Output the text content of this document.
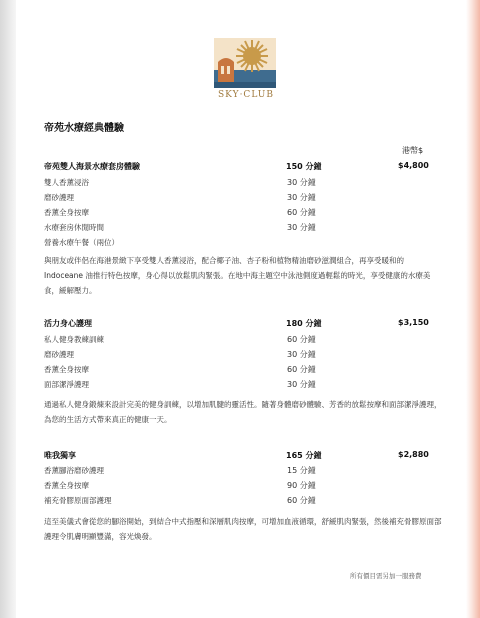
SKY·CLUB
帝苑水療經典體驗
港幣$
帝苑雙人海景水療套房體驗	150 分鐘	$4,800
雙人香薰浸浴	30 分鐘
磨砂護理	30 分鐘
香薰全身按摩	60 分鐘
水療套房休閒時間	30 分鐘
營養水療午餐（兩位）
與朋友或伴侶在海港景緻下享受雙人香薰浸浴，配合椰子油、杏子粉和植物精油磨砂滋潤組合，再享受暖和的 Indoceane 油推行特色按摩，身心得以放鬆肌肉緊張。在地中海主題空中泳池側度過輕鬆的時光，享受健康的水療美食，緩解壓力。
活力身心護理	180 分鐘	$3,150
私人健身教練訓練	60 分鐘
磨砂護理	30 分鐘
香薰全身按摩	60 分鐘
面部潔淨護理	30 分鐘
通過私人健身鍛煉來設計完美的健身訓練，以增加肌腱的靈活性。隨著身體磨砂體驗、芳香的放鬆按摩和面部潔淨護理，為您的生活方式帶來真正的健康一天。
唯我獨享	165 分鐘	$2,880
香薰腳浴磨砂護理	15 分鐘
香薰全身按摩	90 分鐘
補充骨膠原面部護理	60 分鐘
這至美儀式會從您的腳浴開始，到結合中式指壓和深層肌肉按摩，可增加血液循環，舒緩肌肉緊張，然後補充骨膠原面部護理令肌膚明顯豐滿，容光煥發。
所有價目需另加一服務費
